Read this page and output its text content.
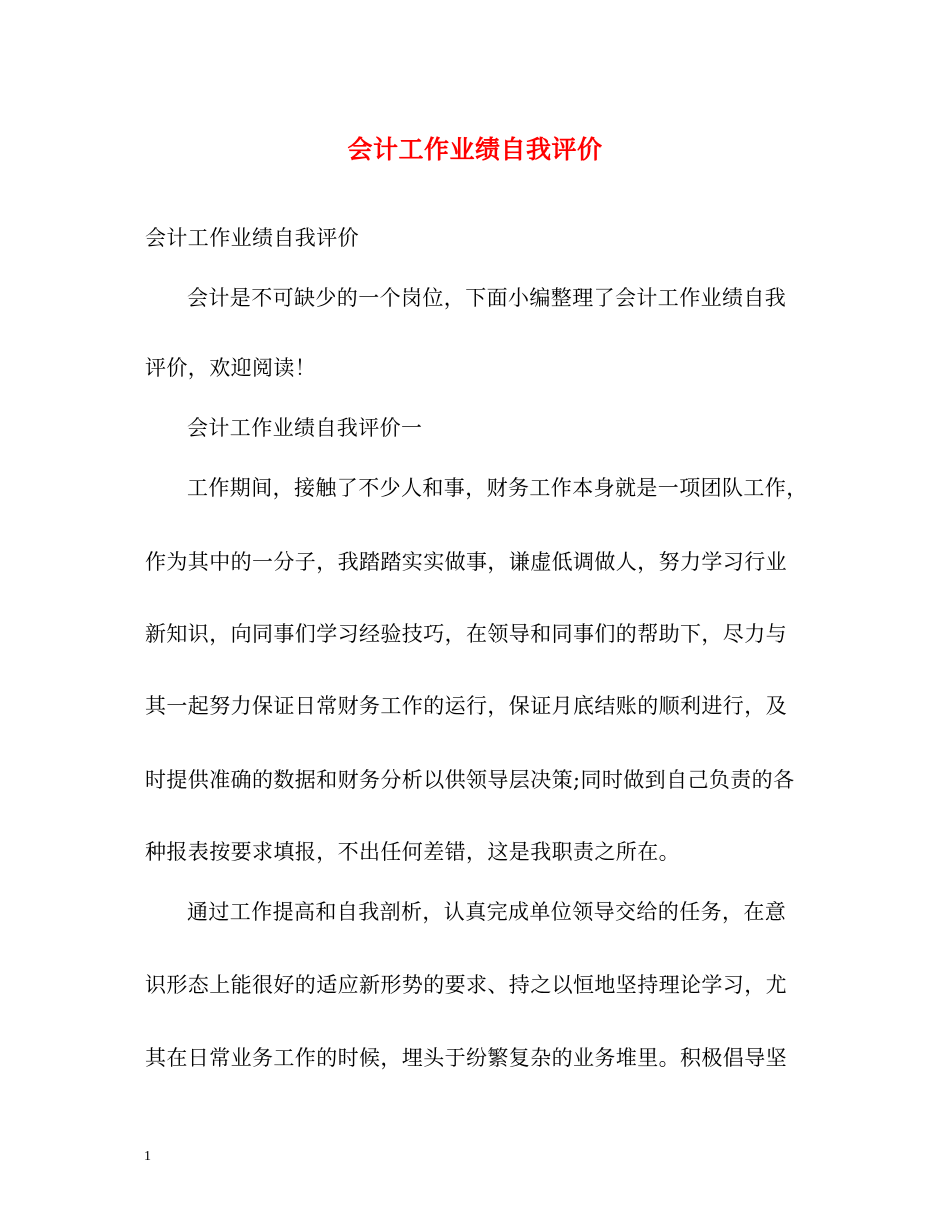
会计工作业绩自我评价
会计工作业绩自我评价
会计是不可缺少的一个岗位，下面小编整理了会计工作业绩自我
评价，欢迎阅读！
会计工作业绩自我评价一
工作期间，接触了不少人和事，财务工作本身就是一项团队工作，
作为其中的一分子，我踏踏实实做事，谦虚低调做人，努力学习行业
新知识，向同事们学习经验技巧，在领导和同事们的帮助下，尽力与
其一起努力保证日常财务工作的运行，保证月底结账的顺利进行，及
时提供准确的数据和财务分析以供领导层决策;同时做到自己负责的各
种报表按要求填报，不出任何差错，这是我职责之所在。
通过工作提高和自我剖析，认真完成单位领导交给的任务，在意
识形态上能很好的适应新形势的要求、持之以恒地坚持理论学习，尤
其在日常业务工作的时候，埋头于纷繁复杂的业务堆里。积极倡导坚
1
